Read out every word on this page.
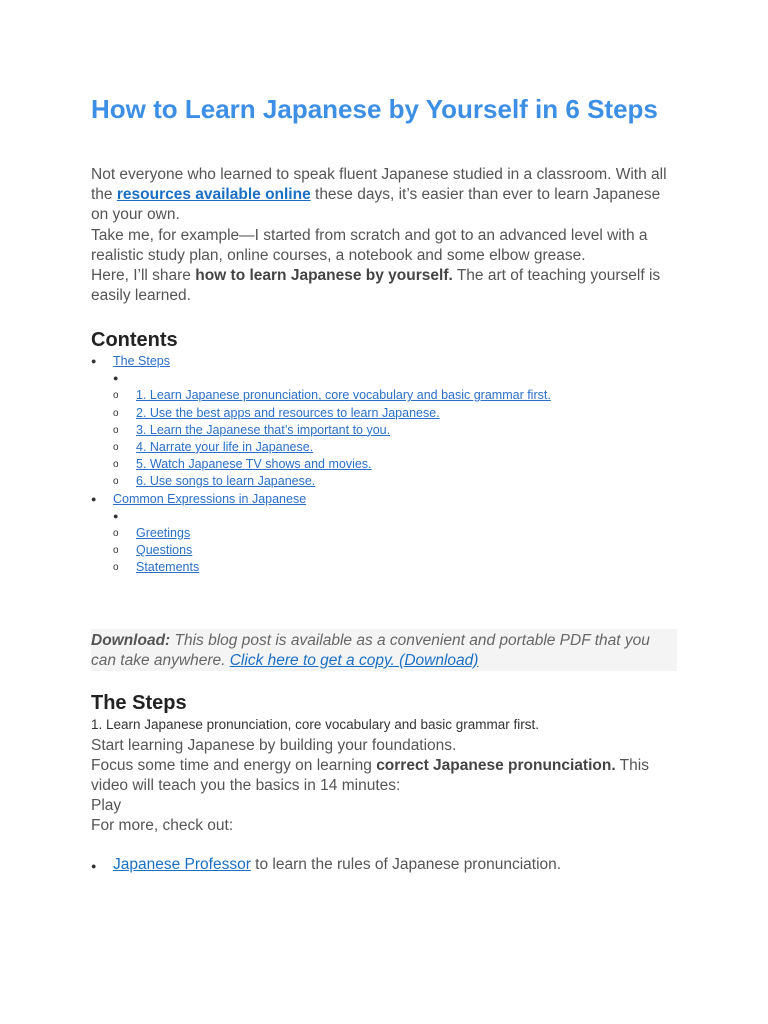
How to Learn Japanese by Yourself in 6 Steps

Not everyone who learned to speak fluent Japanese studied in a classroom. With all the resources available online these days, it’s easier than ever to learn Japanese on your own.

Take me, for example—I started from scratch and got to an advanced level with a realistic study plan, online courses, a notebook and some elbow grease.

Here, I’ll share how to learn Japanese by yourself. The art of teaching yourself is easily learned.

Contents
● The Steps
●
o 1. Learn Japanese pronunciation, core vocabulary and basic grammar first.
o 2. Use the best apps and resources to learn Japanese.
o 3. Learn the Japanese that’s important to you.
o 4. Narrate your life in Japanese.
o 5. Watch Japanese TV shows and movies.
o 6. Use songs to learn Japanese.
● Common Expressions in Japanese
●
o Greetings
o Questions
o Statements
Download: This blog post is available as a convenient and portable PDF that you can take anywhere. Click here to get a copy. (Download)
The Steps
1. Learn Japanese pronunciation, core vocabulary and basic grammar first.

Start learning Japanese by building your foundations.

Focus some time and energy on learning correct Japanese pronunciation. This video will teach you the basics in 14 minutes:

Play

For more, check out:

●	Japanese Professor to learn the rules of Japanese pronunciation.
